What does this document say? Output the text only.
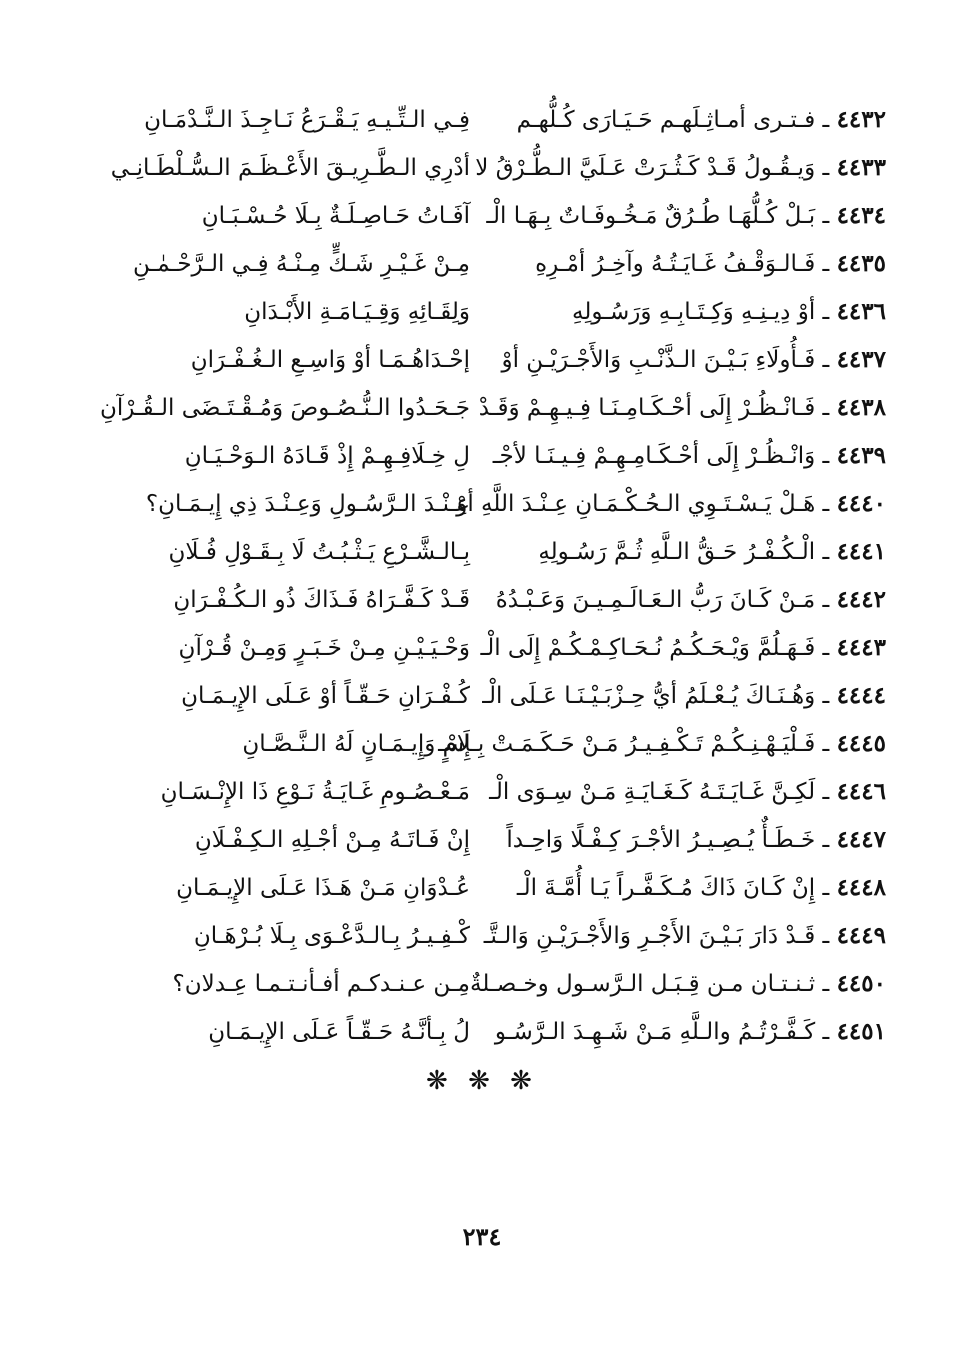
٤٤٣٢ ـ فـتـرى أمـاثِـلَهـم حَـيَـارَى كُـلُّهـم
فِـي الـتِّـيـهِ يَـقْـرَعُ نَـاجِـذَ الـنَّـدْمَـانِ
٤٤٣٣ ـ وَيـقُـولُ قَـدْ كَـثُـرَتْ عَـلَيَّ الـطُّـرْقُ لا
أدْرِي الـطَّـرِيـقَ الأَعْـظَـمَ الـسُّـلْطَـانِـي
٤٤٣٤ ـ بَـلْ كُـلُّهَـا طُـرُقٌ مَـخُـوفَـاتٌ بِـهَـا الْـ
آفَـاتُ حَـاصِـلَـةٌ بِـلَا حُـسْـبَـانِ
٤٤٣٥ ـ فَـالـوَقْـفُ غَـايَـتُـهُ وآخِـرُ أمْـرِهِ
مِـنْ غَـيْـرِ شَـكٍّ مِـنْـهُ فِـي الـرَّحْـمٰـنِ
٤٤٣٦ ـ أوْ دِيـنِـهِ وَكِـتَـابِـهِ وَرَسُـولِهِ
وَلِقَـائِهِ وَقِـيَـامَـةِ الأَبْـدَانِ
٤٤٣٧ ـ فَـأُولَاءِ بَـيْـنَ الـذَّنْـبِ وَالأَجْـرَيْـنِ أوْ
إحْـدَاهُـمَـا أوْ وَاسِـعِ الـغُـفْـرَانِ
٤٤٣٨ ـ فَـانْـظُـرْ إِلَى أحْـكَـامِـنَـا فِـيـهِـمْ وَقَـدْ
جَـحَـدُوا الـنُّـصُـوصَ وَمُـقْـتَـضَى الـقُـرْآنِ
٤٤٣٩ ـ وَانْـظُـرْ إِلَى أحْـكَـامِـهِـمْ فِـيـنَـا لأجْـ
لِ خِـلَافِـهِـمْ إِذْ قَـادَهُ الـوَحْـيَـانِ
٤٤٤٠ ـ هَـلْ يَـسْـتَـوِي الـحُـكْـمَـانِ عِـنْـدَ اللَّهِ أوْ
عِـنْـدَ الـرَّسُـولِ وَعِـنْـدَ ذِي إِيـمَـانِ؟
٤٤٤١ ـ الْـكُـفْـرُ حَـقُّ الـلَّهِ ثُـمَّ رَسُـولِهِ
بِـالـشَّـرْعِ يَـثْـبُـتُ لَا بِـقَـوْلِ فُـلَانِ
٤٤٤٢ ـ مَـنْ كَـانَ رَبُّ الـعَـالَـمِـيـنَ وَعَـبْـدُهُ
قَـدْ كَـفَّـرَاهُ فَـذَاكَ ذُو الـكُـفْـرَانِ
٤٤٤٣ ـ فَـهَـلُمَّ وَيْـحَـكُـمُ نُـحَـاكِـمْـكُـمْ إِلَى الْـ
وَحْـيَـيْـنِ مِـنْ خَـبَـرٍ وَمِـنْ قُـرْآنِ
٤٤٤٤ ـ وَهُـنَـاكَ يُـعْـلَمُ أيُّ حِـزْبَـيْـنَـا عَـلَى الْـ
كُـفْـرَانِ حَـقّـاً أوْ عَـلَى الإِيـمَـانِ
٤٤٤٥ ـ فَـلْيَـهْـنِـكُـمْ تَـكْـفِـيـرُ مَـنْ حَـكَـمَـتْ بِـإِسْـ
لَامٍ وَإِيـمَـانٍ لَهُ الـنَّـصَّـانِ
٤٤٤٦ ـ لَكِـنَّ غَـايَـتَـهُ كَـغَـايَـةِ مَـنْ سِـوَى الْـ
مَـعْـصُـومِ غَـايَـةُ نَـوْعِ ذَا الإِنْـسَـانِ
٤٤٤٧ ـ خَـطَـأٌ يُـصِـيـرُ الأجْـرَ كِـفْـلًا وَاحِـداً
إِنْ فَـاتَـهُ مِـنْ أجْـلِهِ الـكِـفْـلَانِ
٤٤٤٨ ـ إِنْ كَـانَ ذَاكَ مُـكَـفَّـراً يَـا أُمَّـةَ الْـ
عُـدْوَانِ مَـنْ هَـذَا عَـلَى الإِيـمَـانِ
٤٤٤٩ ـ قَـدْ دَارَ بَـيْـنَ الأَجْـرِ وَالأَجْـرَيْـنِ وَالـتَّـ
كْـفِـيـرُ بِـالـدَّعْـوَى بِـلَا بُـرْهَـانِ
٤٤٥٠ ـ ثـنـتـان مـن قِـبَـل الـرَّسـول وخـصـلةٌ
مِـن عـنـدكـم أفـأنـتـمـا عِـدلان؟
٤٤٥١ ـ كَـفَّـرْتُـمُ والـلَّهِ مَـنْ شَـهِـدَ الـرَّسُـو
لُ بِـأنَّـهُ حَـقّـاً عَـلَى الإِيـمَـانِ
❋ ❋ ❋
٢٣٤
